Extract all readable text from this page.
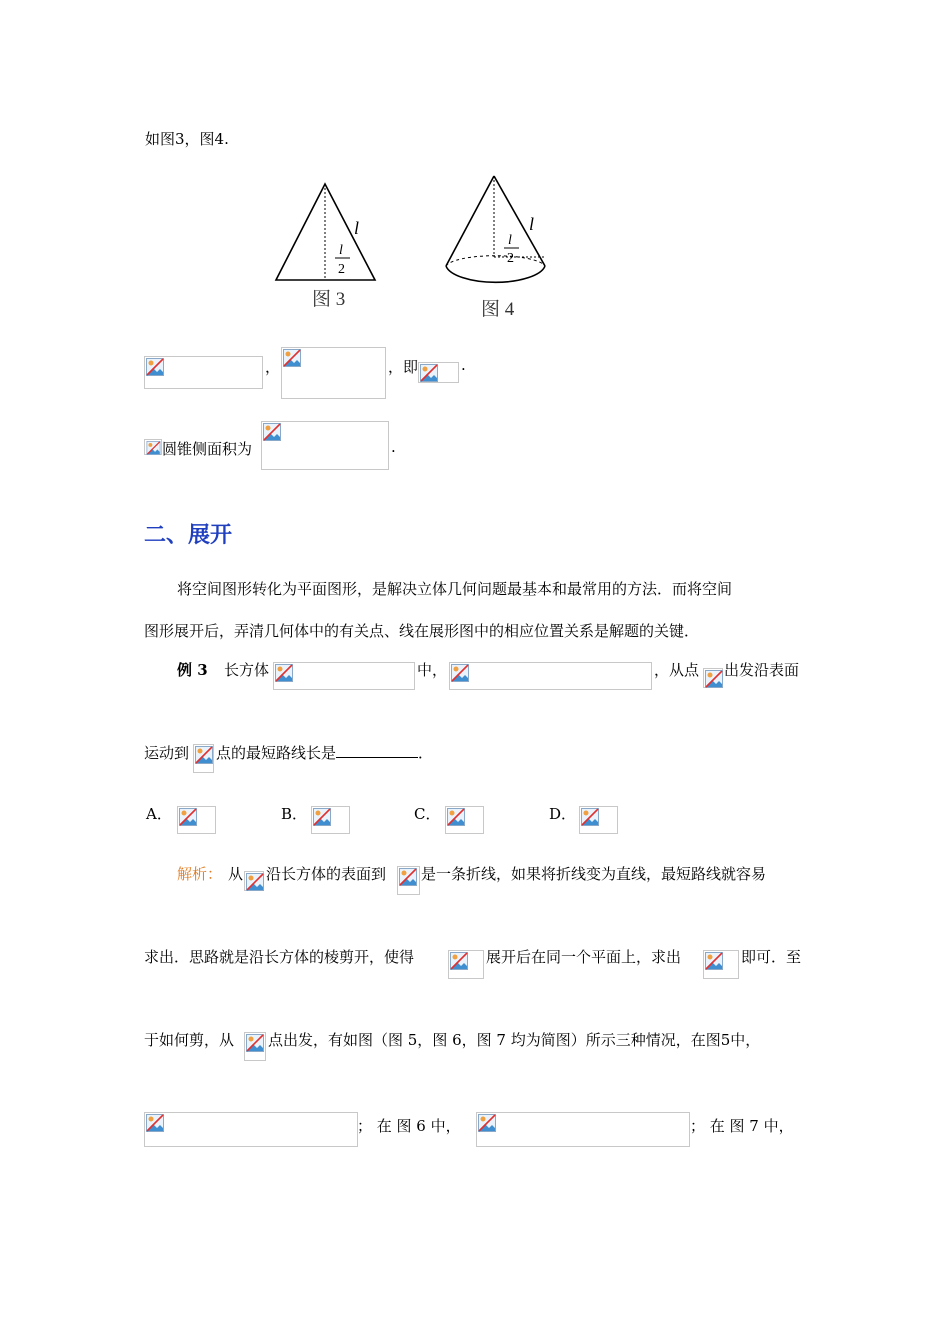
如图3，图4.
l
l
2
图 3
l
l
2
图 4
，	，即	.
圆锥侧面积为	.
二、展开
将空间图形转化为平面图形，是解决立体几何问题最基本和最常用的方法．而将空间
图形展开后，弄清几何体中的有关点、线在展形图中的相应位置关系是解题的关键．
例 3 长方体	中，	，从点 出发沿表面
运动到 点的最短路线长是	．
A．	B．	C．	D．
解析： 从 沿长方体的表面到 是一条折线，如果将折线变为直线，最短路线就容易
求出．思路就是沿长方体的棱剪开，使得	展开后在同一个平面上，求出	即可．至
于如何剪，从 点出发，有如图（图 5，图 6，图 7 均为简图）所示三种情况，在图5中，
； 在 图 6 中，	； 在 图 7 中，
